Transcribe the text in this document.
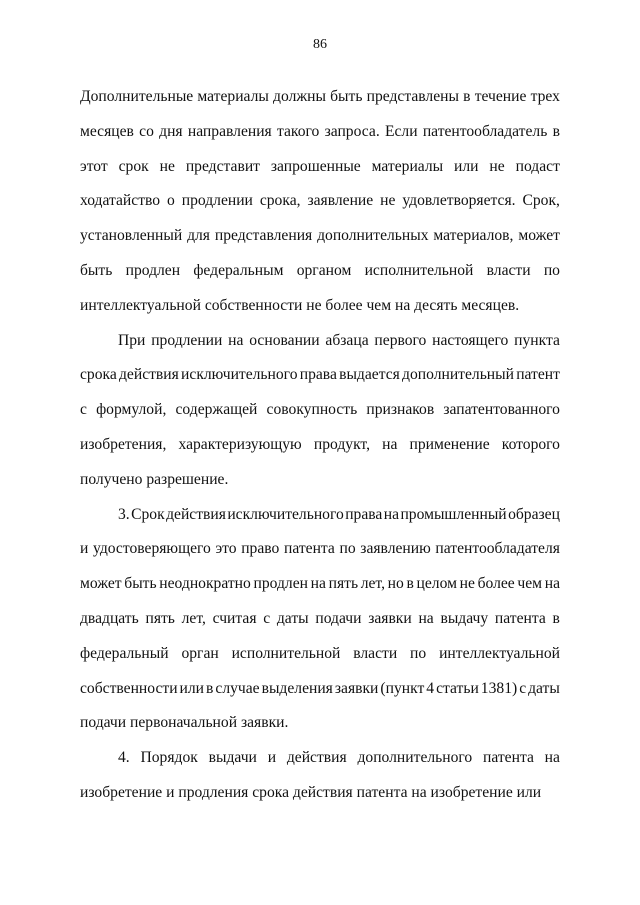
86
Дополнительные материалы должны быть представлены в течение трех
месяцев со дня направления такого запроса. Если патентообладатель в
этот срок не представит запрошенные материалы или не подаст
ходатайство о продлении срока, заявление не удовлетворяется. Срок,
установленный для представления дополнительных материалов, может
быть продлен федеральным органом исполнительной власти по
интеллектуальной собственности не более чем на десять месяцев.
При продлении на основании абзаца первого настоящего пункта
срока действия исключительного права выдается дополнительный патент
с формулой, содержащей совокупность признаков запатентованного
изобретения, характеризующую продукт, на применение которого
получено разрешение.
3. Срок действия исключительного права на промышленный образец
и удостоверяющего это право патента по заявлению патентообладателя
может быть неоднократно продлен на пять лет, но в целом не более чем на
двадцать пять лет, считая с даты подачи заявки на выдачу патента в
федеральный орган исполнительной власти по интеллектуальной
собственности или в случае выделения заявки (пункт 4 статьи 1381) с даты
подачи первоначальной заявки.
4. Порядок выдачи и действия дополнительного патента на
изобретение и продления срока действия патента на изобретение или
